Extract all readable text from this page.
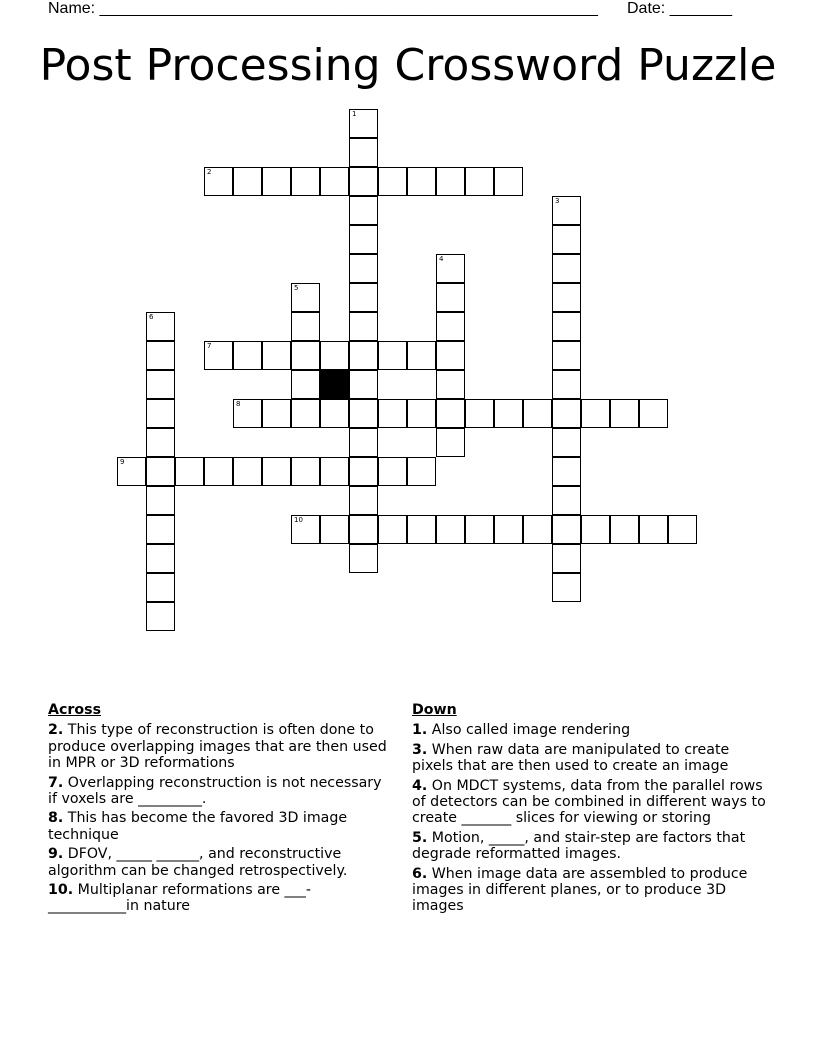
Name: ________________________________________________________ Date: _______
Post Processing Crossword Puzzle
1
2
3
4
5
6
7
8
9
10
Across
2. This type of reconstruction is often done to produce overlapping images that are then used in MPR or 3D reformations
7. Overlapping reconstruction is not necessary if voxels are _________.
8. This has become the favored 3D image technique
9. DFOV, _____ ______, and reconstructive algorithm can be changed retrospectively.
10. Multiplanar reformations are ___-___________in nature
Down
1. Also called image rendering
3. When raw data are manipulated to create pixels that are then used to create an image
4. On MDCT systems, data from the parallel rows of detectors can be combined in different ways to create _______ slices for viewing or storing
5. Motion, _____, and stair-step are factors that degrade reformatted images.
6. When image data are assembled to produce images in different planes, or to produce 3D images
